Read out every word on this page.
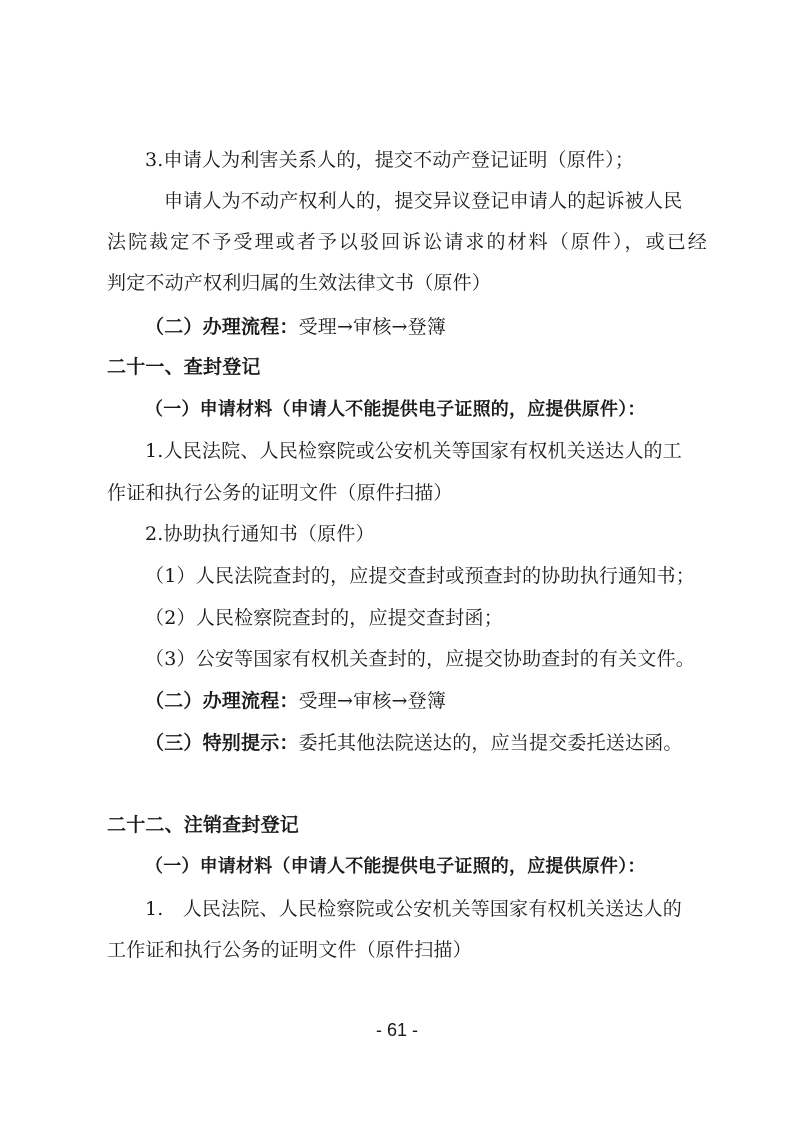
3.申请人为利害关系人的，提交不动产登记证明（原件）；
申请人为不动产权利人的，提交异议登记申请人的起诉被人民
法院裁定不予受理或者予以驳回诉讼请求的材料（原件），或已经
判定不动产权利归属的生效法律文书（原件）
（二）办理流程：受理→审核→登簿
二十一、查封登记
（一）申请材料（申请人不能提供电子证照的，应提供原件）：
1.人民法院、人民检察院或公安机关等国家有权机关送达人的工
作证和执行公务的证明文件（原件扫描）
2.协助执行通知书（原件）
（1）人民法院查封的，应提交查封或预查封的协助执行通知书；
（2）人民检察院查封的，应提交查封函；
（3）公安等国家有权机关查封的，应提交协助查封的有关文件。
（二）办理流程：受理→审核→登簿
（三）特别提示：委托其他法院送达的，应当提交委托送达函。
二十二、注销查封登记
（一）申请材料（申请人不能提供电子证照的，应提供原件）：
1.　人民法院、人民检察院或公安机关等国家有权机关送达人的
工作证和执行公务的证明文件（原件扫描）
- 61 -
